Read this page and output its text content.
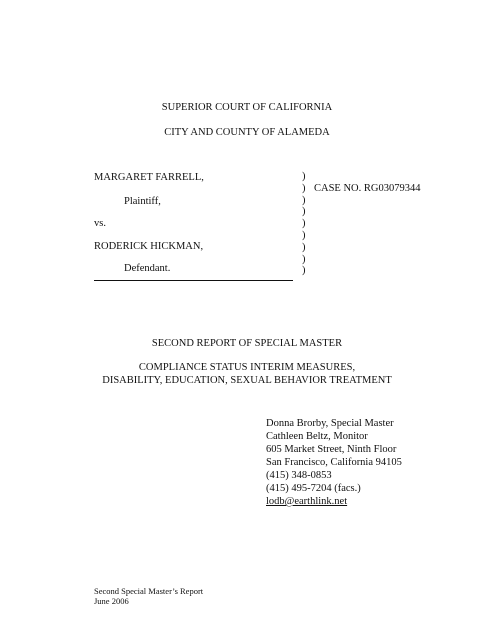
SUPERIOR COURT OF CALIFORNIA
CITY AND COUNTY OF ALAMEDA
MARGARET FARRELL,
Plaintiff,
vs.
RODERICK HICKMAN,
Defendant.
)
)
)
)
)
)
)
)
)
CASE NO. RG03079344
SECOND REPORT OF SPECIAL MASTER
COMPLIANCE STATUS INTERIM MEASURES,
DISABILITY, EDUCATION, SEXUAL BEHAVIOR TREATMENT
Donna Brorby, Special Master
Cathleen Beltz, Monitor
605 Market Street, Ninth Floor
San Francisco, California 94105
(415) 348-0853
(415) 495-7204 (facs.)
lodb@earthlink.net
Second Special Master’s Report
June 2006
